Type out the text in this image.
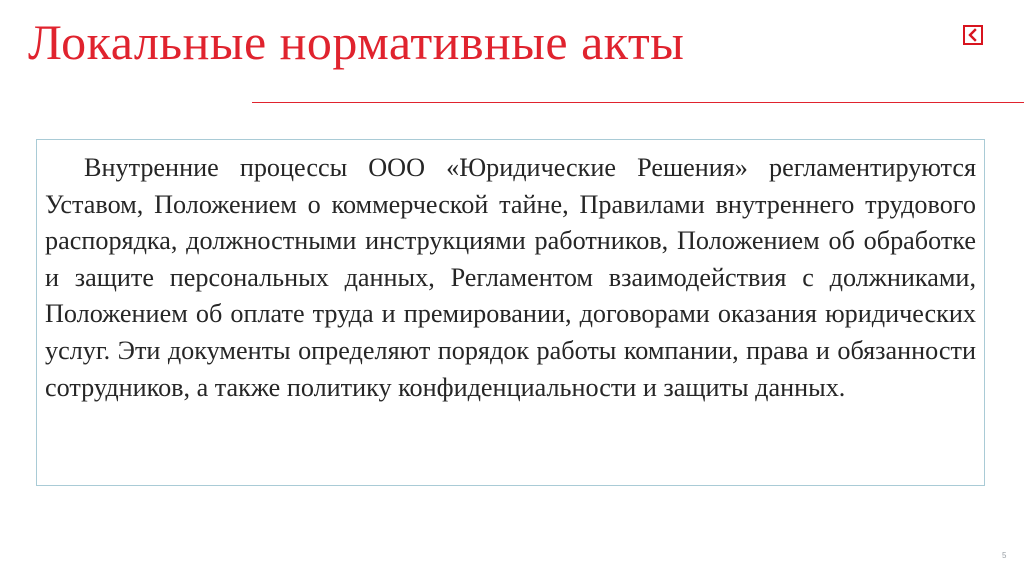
Локальные нормативные акты

Внутренние процессы ООО «Юридические Решения» регламентируются Уставом, Положением о коммерческой тайне, Правилами внутреннего трудового распорядка, должностными инструкциями работников, Положением об обработке и защите персональных данных, Регламентом взаимодействия с должниками, Положением об оплате труда и премировании, договорами оказания юридических услуг. Эти документы определяют порядок работы компании, права и обязанности сотрудников, а также политику конфиденциальности и защиты данных.

5
